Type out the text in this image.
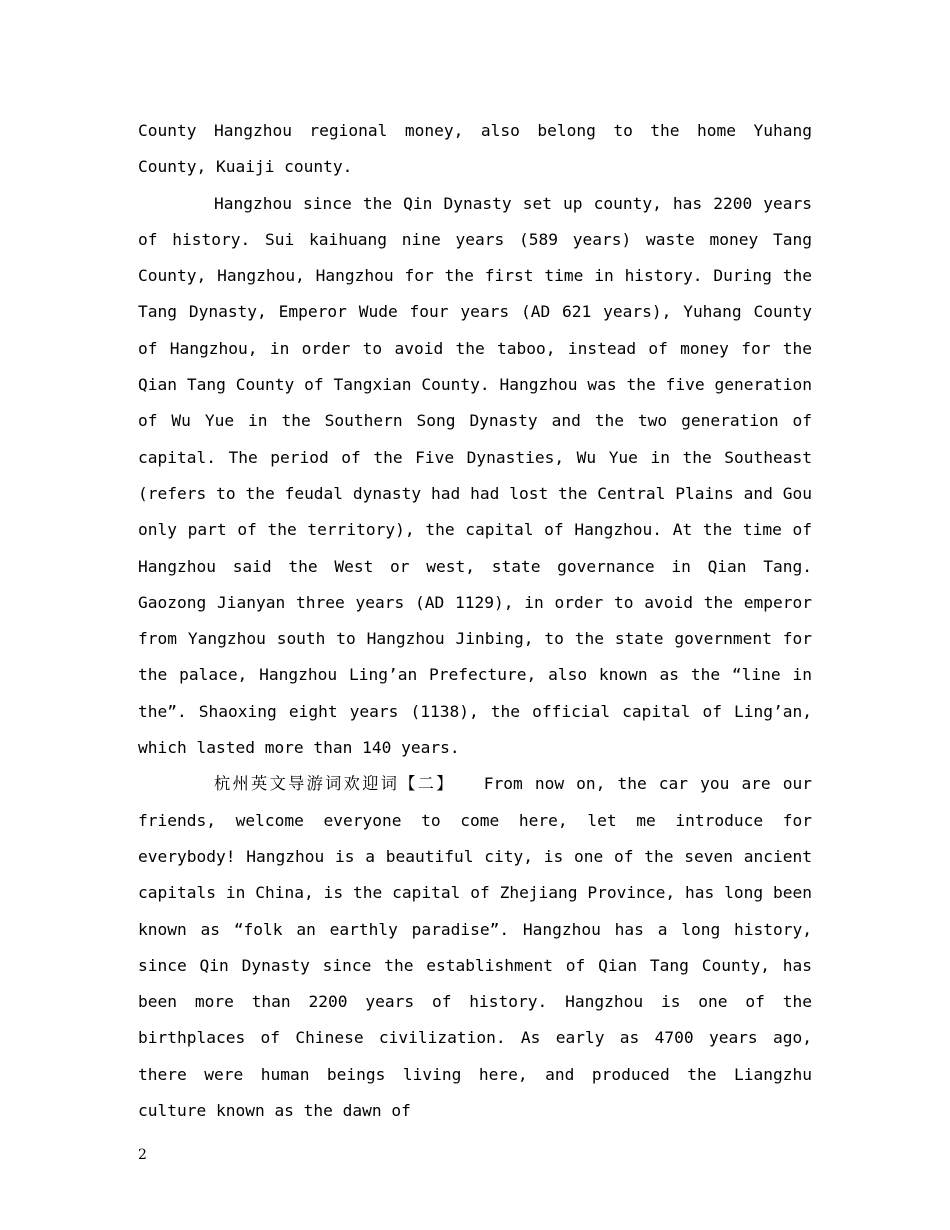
County Hangzhou regional money, also belong to the home Yuhang County, Kuaiji county.

Hangzhou since the Qin Dynasty set up county, has 2200 years of history. Sui kaihuang nine years (589 years) waste money Tang County, Hangzhou, Hangzhou for the first time in history. During the Tang Dynasty, Emperor Wude four years (AD 621 years), Yuhang County of Hangzhou, in order to avoid the taboo, instead of money for the Qian Tang County of Tangxian County. Hangzhou was the five generation of Wu Yue in the Southern Song Dynasty and the two generation of capital. The period of the Five Dynasties, Wu Yue in the Southeast (refers to the feudal dynasty had had lost the Central Plains and Gou only part of the territory), the capital of Hangzhou. At the time of Hangzhou said the West or west, state governance in Qian Tang. Gaozong Jianyan three years (AD 1129), in order to avoid the emperor from Yangzhou south to Hangzhou Jinbing, to the state government for the palace, Hangzhou Ling’an Prefecture, also known as the “line in the”. Shaoxing eight years (1138), the official capital of Ling’an, which lasted more than 140 years.

杭州英文导游词欢迎词【二】　　From now on, the car you are our friends, welcome everyone to come here, let me introduce for everybody! Hangzhou is a beautiful city, is one of the seven ancient capitals in China, is the capital of Zhejiang Province, has long been known as “folk an earthly paradise”. Hangzhou has a long history, since Qin Dynasty since the establishment of Qian Tang County, has been more than 2200 years of history. Hangzhou is one of the birthplaces of Chinese civilization. As early as 4700 years ago, there were human beings living here, and produced the Liangzhu culture known as the dawn of

2
